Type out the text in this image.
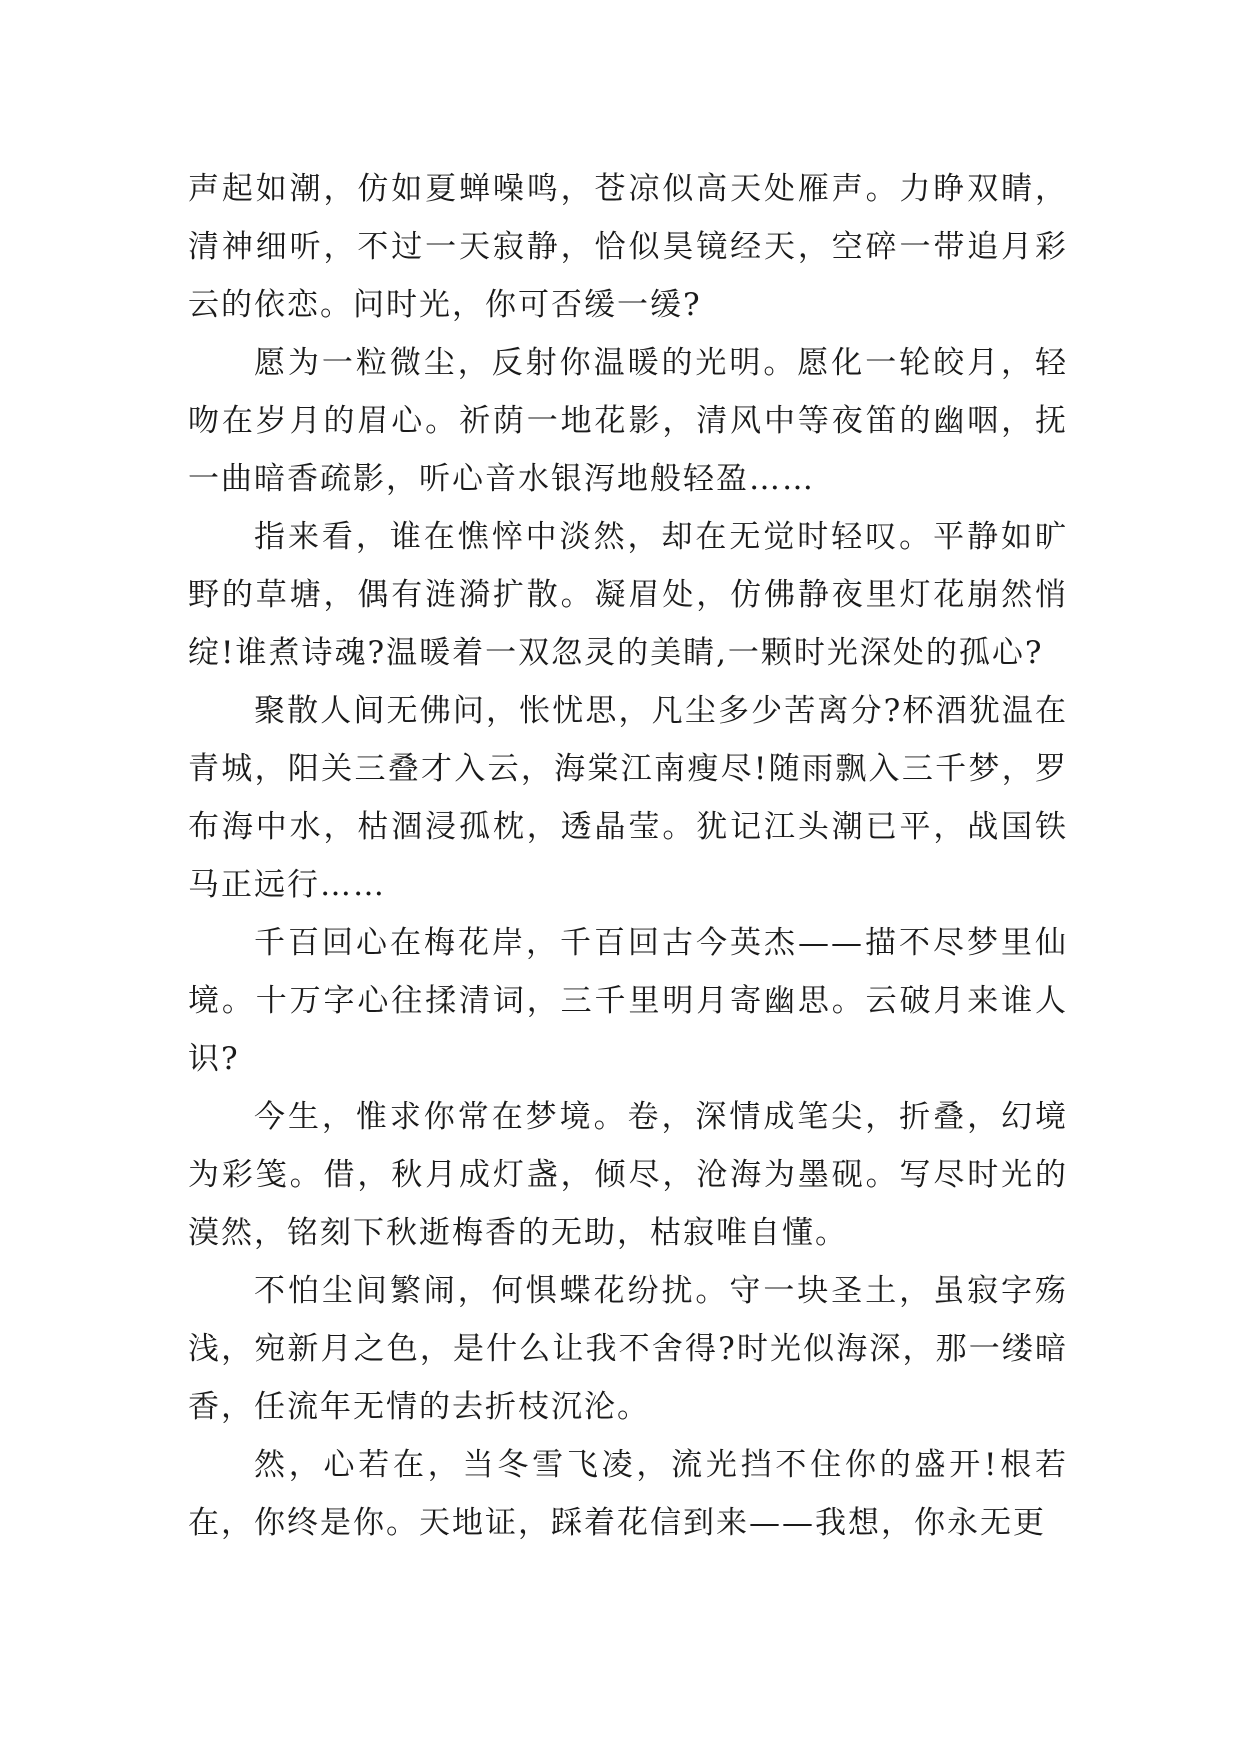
声起如潮，仿如夏蝉噪鸣，苍凉似高天处雁声。力睁双睛，清神细听，不过一天寂静，恰似昊镜经天，空碎一带追月彩云的依恋。问时光，你可否缓一缓?

愿为一粒微尘，反射你温暖的光明。愿化一轮皎月，轻吻在岁月的眉心。祈荫一地花影，清风中等夜笛的幽咽，抚一曲暗香疏影，听心音水银泻地般轻盈……

指来看，谁在憔悴中淡然，却在无觉时轻叹。平静如旷野的草塘，偶有涟漪扩散。凝眉处，仿佛静夜里灯花崩然悄绽!谁煮诗魂?温暖着一双忽灵的美睛,一颗时光深处的孤心?

聚散人间无佛问，怅忧思，凡尘多少苦离分?杯酒犹温在青城，阳关三叠才入云，海棠江南瘦尽!随雨飘入三千梦，罗布海中水，枯涸浸孤枕，透晶莹。犹记江头潮已平，战国铁马正远行……

千百回心在梅花岸，千百回古今英杰——描不尽梦里仙境。十万字心往揉清词，三千里明月寄幽思。云破月来谁人识?

今生，惟求你常在梦境。卷，深情成笔尖，折叠，幻境为彩笺。借，秋月成灯盏，倾尽，沧海为墨砚。写尽时光的漠然，铭刻下秋逝梅香的无助，枯寂唯自懂。

不怕尘间繁闹，何惧蝶花纷扰。守一块圣土，虽寂字殇浅，宛新月之色，是什么让我不舍得?时光似海深，那一缕暗香，任流年无情的去折枝沉沦。

然，心若在，当冬雪飞凌，流光挡不住你的盛开!根若在，你终是你。天地证，踩着花信到来——我想，你永无更
